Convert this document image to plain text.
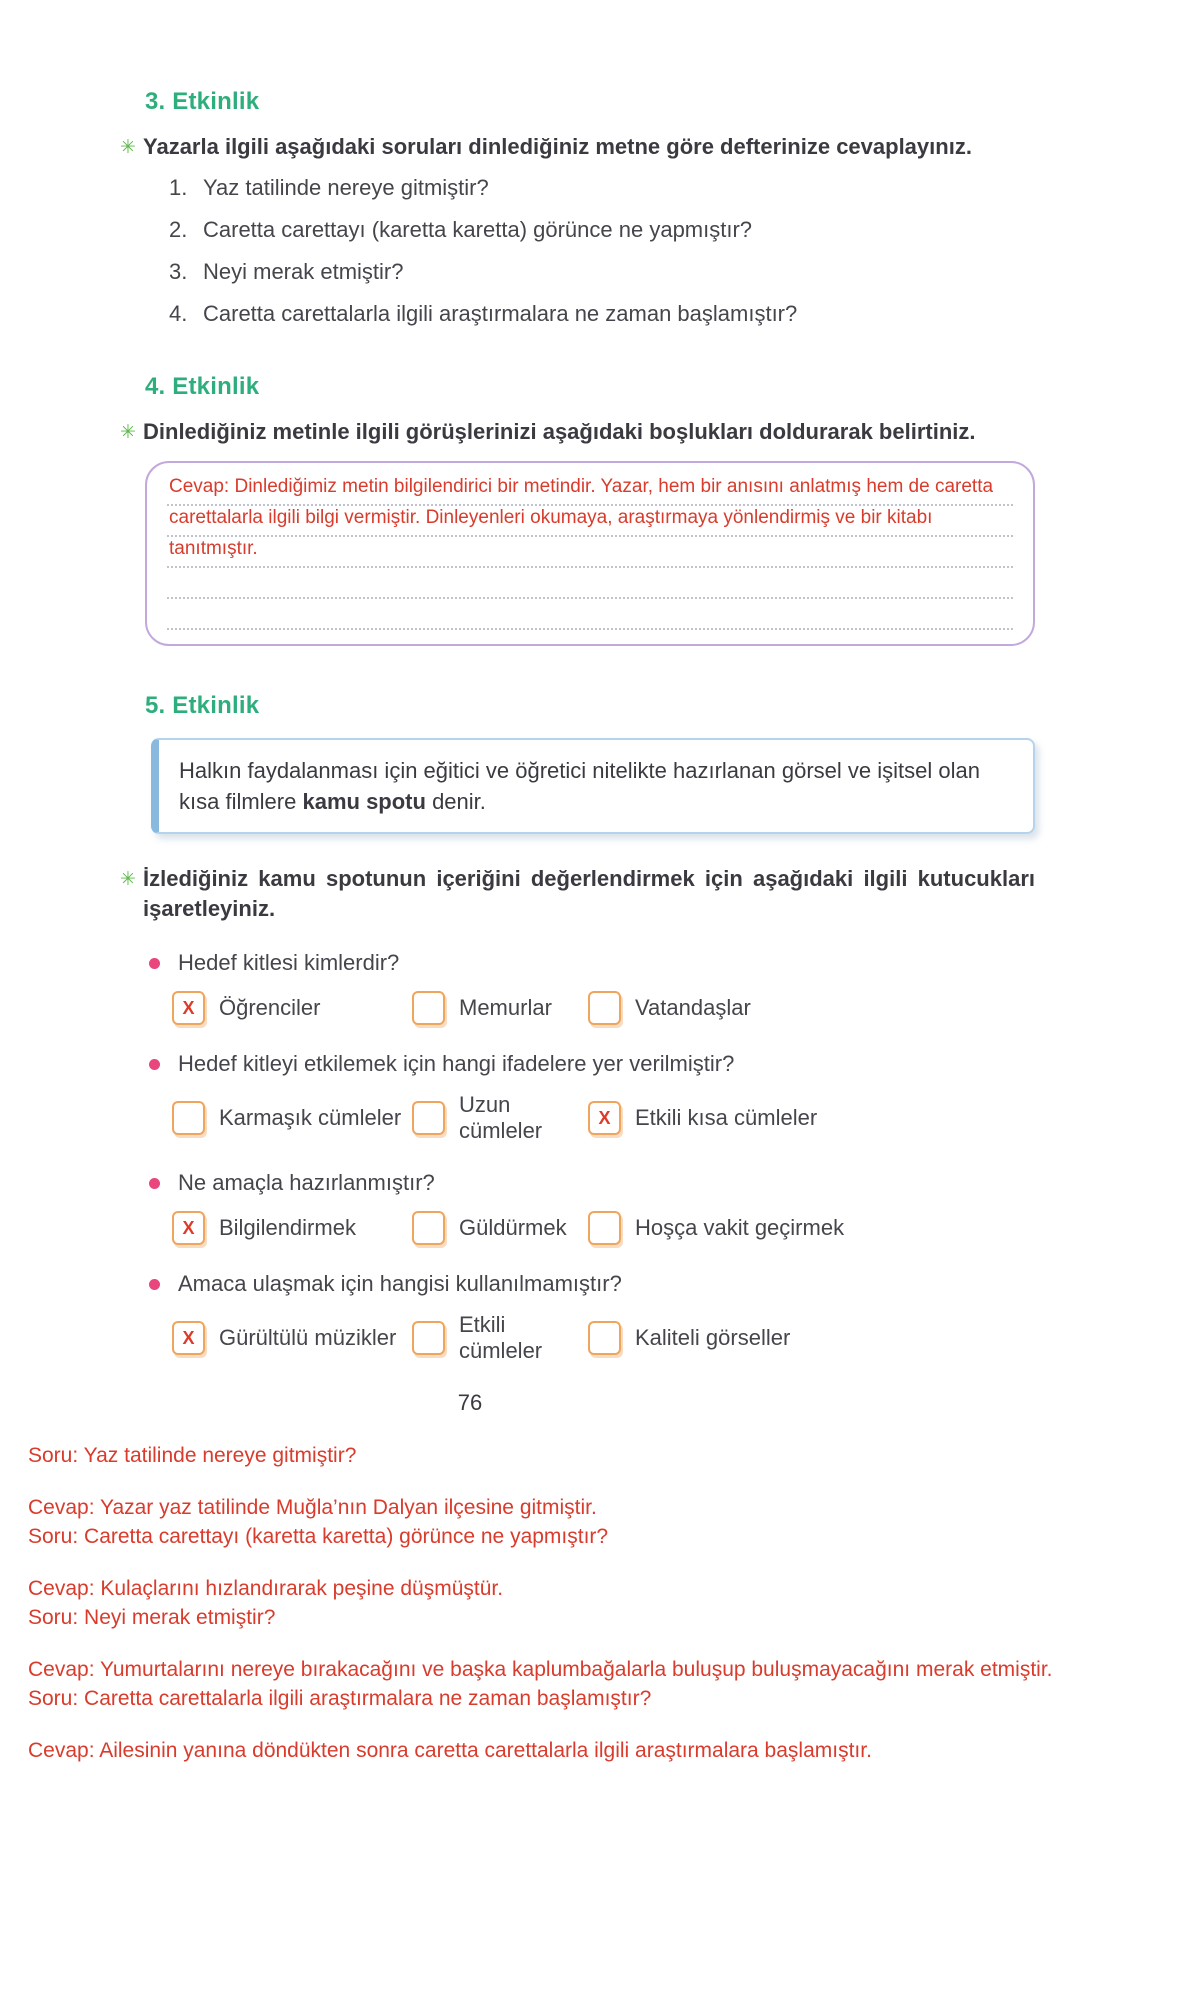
3. Etkinlik
✳ Yazarla ilgili aşağıdaki soruları dinlediğiniz metne göre defterinize cevaplayınız.

1. Yaz tatilinde nereye gitmiştir?
2. Caretta carettayı (karetta karetta) görünce ne yapmıştır?
3. Neyi merak etmiştir?
4. Caretta carettalarla ilgili araştırmalara ne zaman başlamıştır?
4. Etkinlik
✳ Dinlediğiniz metinle ilgili görüşlerinizi aşağıdaki boşlukları doldurarak belirtiniz.

Cevap: Dinlediğimiz metin bilgilendirici bir metindir. Yazar, hem bir anısını anlatmış hem de caretta carettalarla ilgili bilgi vermiştir. Dinleyenleri okumaya, araştırmaya yönlendirmiş ve bir kitabı tanıtmıştır.
5. Etkinlik
Halkın faydalanması için eğitici ve öğretici nitelikte hazırlanan görsel ve işitsel olan kısa filmlere kamu spotu denir.
✳ İzlediğiniz kamu spotunun içeriğini değerlendirmek için aşağıdaki ilgili kutucukları işaretleyiniz.

Hedef kitlesi kimlerdir?
X	Öğrenciler	Memurlar	Vatandaşlar
Hedef kitleyi etkilemek için hangi ifadelere yer verilmiştir?
Karmaşık cümleler
Uzun cümleler
X	Etkili kısa cümleler
Ne amaçla hazırlanmıştır?
X	Bilgilendirmek	Güldürmek	Hoşça vakit geçirmek
Amaca ulaşmak için hangisi kullanılmamıştır?
X	Gürültülü müzikler
Etkili cümleler
Kaliteli görseller
76
Soru: Yaz tatilinde nereye gitmiştir?
Cevap: Yazar yaz tatilinde Muğla’nın Dalyan ilçesine gitmiştir.
Soru: Caretta carettayı (karetta karetta) görünce ne yapmıştır?
Cevap: Kulaçlarını hızlandırarak peşine düşmüştür.
Soru: Neyi merak etmiştir?
Cevap: Yumurtalarını nereye bırakacağını ve başka kaplumbağalarla buluşup buluşmayacağını merak etmiştir.
Soru: Caretta carettalarla ilgili araştırmalara ne zaman başlamıştır?
Cevap: Ailesinin yanına döndükten sonra caretta carettalarla ilgili araştırmalara başlamıştır.
